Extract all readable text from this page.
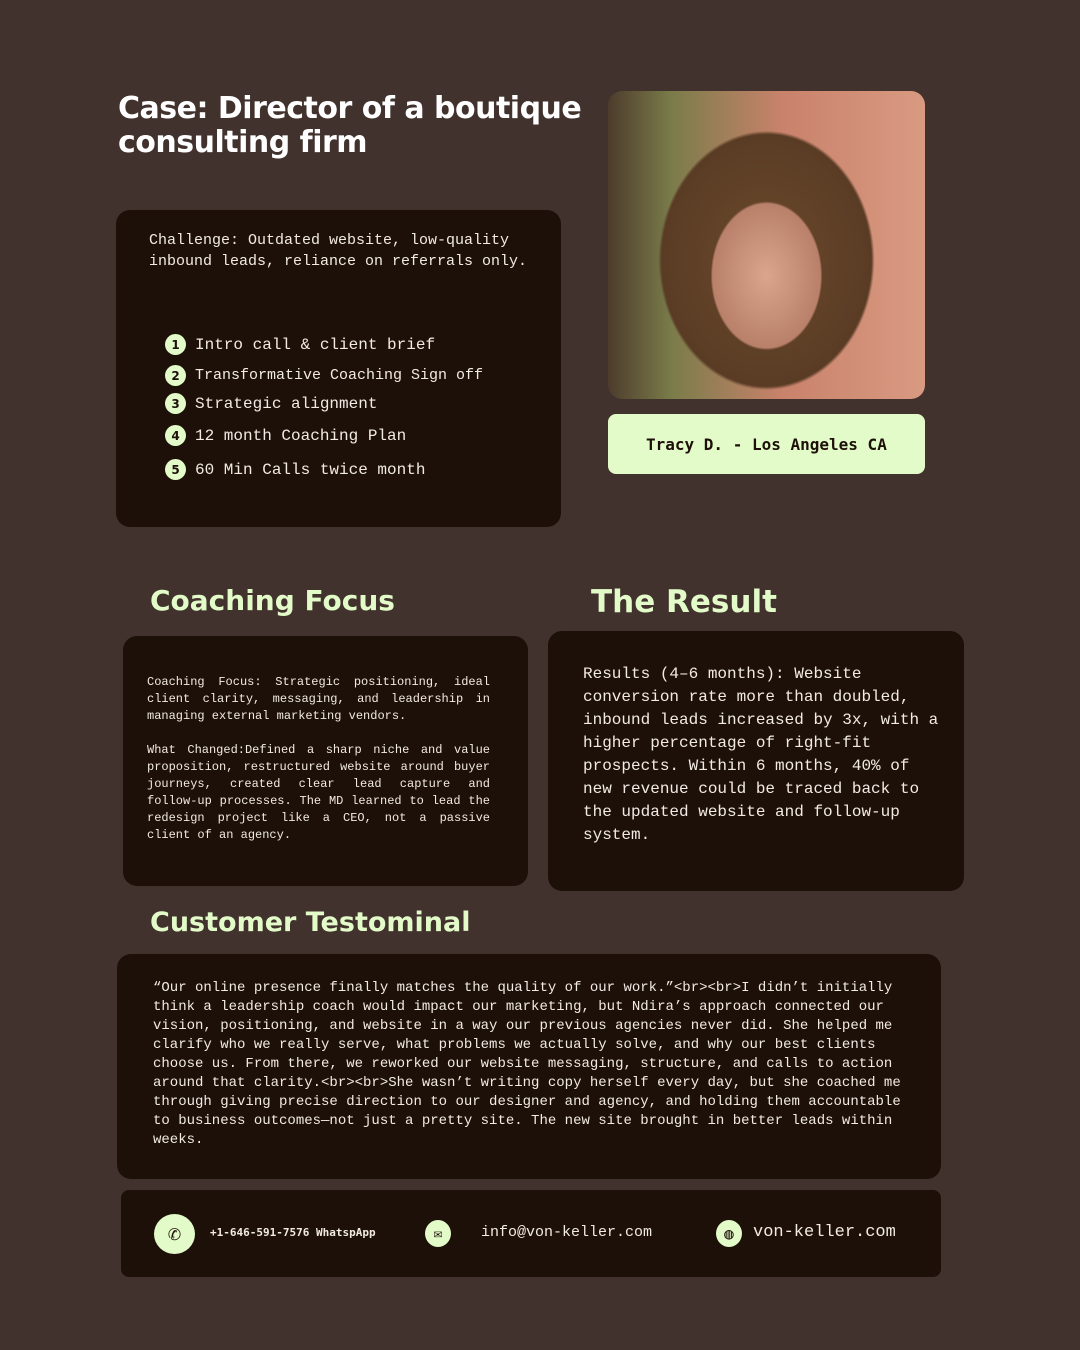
Case: Director of a boutique consulting firm
Challenge: Outdated website, low-quality inbound leads, reliance on referrals only.
1 Intro call & client brief
2	Transformative Coaching Sign off
3 Strategic alignment
4 12 month Coaching Plan
5 60 Min Calls twice month
Tracy D. - Los Angeles CA
Coaching Focus	The Result
Coaching Focus: Strategic positioning, ideal client clarity, messaging, and leadership in managing external marketing vendors.
What Changed:Defined a sharp niche and value proposition, restructured website around buyer journeys, created clear lead capture and follow-up processes. The MD learned to lead the redesign project like a CEO, not a passive client of an agency.
Results (4–6 months): Website conversion rate more than doubled, inbound leads increased by 3x, with a higher percentage of right-fit prospects. Within 6 months, 40% of new revenue could be traced back to the updated website and follow-up system.
Customer Testominal
“Our online presence finally matches the quality of our work.”<br><br>I didn’t initially think a leadership coach would impact our marketing, but Ndira’s approach connected our vision, positioning, and website in a way our previous agencies never did. She helped me clarify who we really serve, what problems we actually solve, and why our best clients choose us. From there, we reworked our website messaging, structure, and calls to action around that clarity.<br><br>She wasn’t writing copy herself every day, but she coached me through giving precise direction to our designer and agency, and holding them accountable to business outcomes—not just a pretty site. The new site brought in better leads within weeks.
✆	+1-646-591-7576 WhatspApp	✉	info@von-keller.com	◍	von-keller.com
